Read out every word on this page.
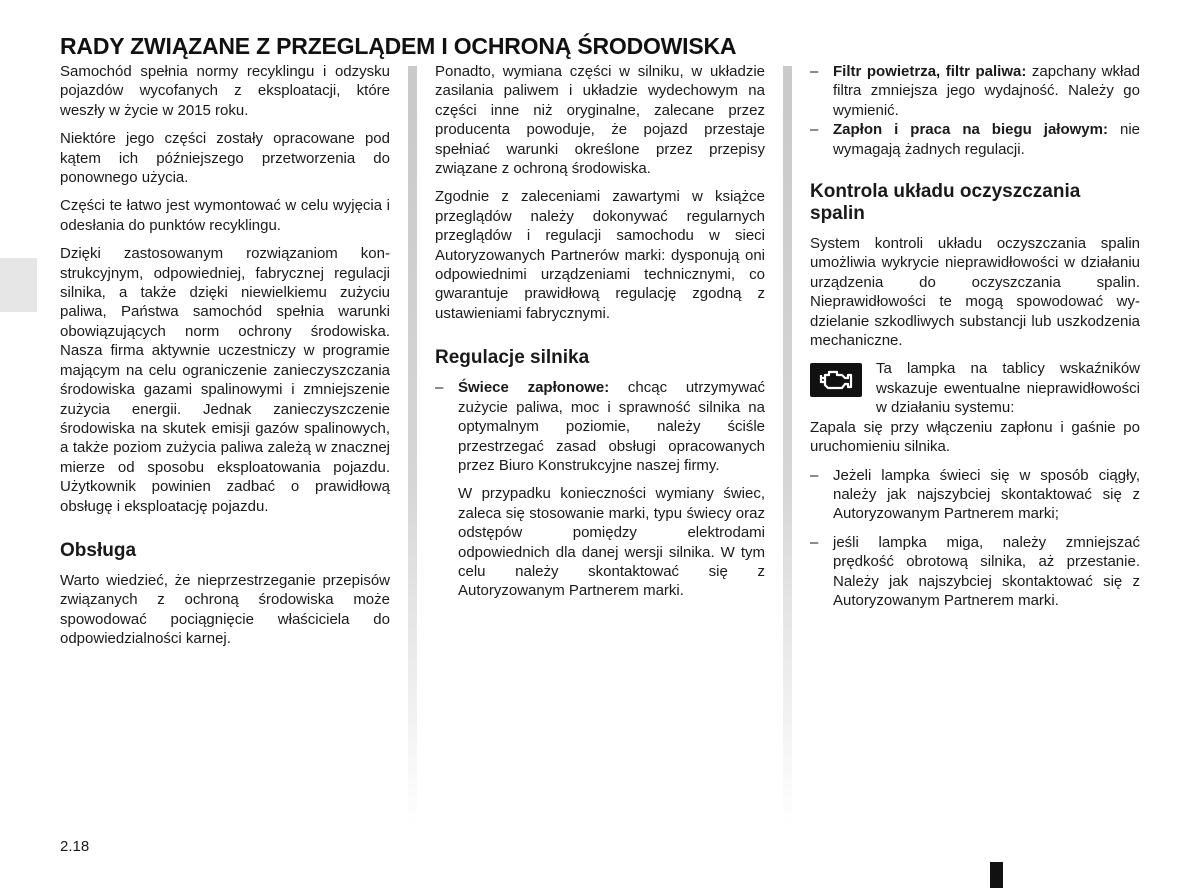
RADY ZWIĄZANE Z PRZEGLĄDEM I OCHRONĄ ŚRODOWISKA

Samochód spełnia normy recyklingu i odzysku pojazdów wycofanych z eksploatacji, które weszły w życie w 2015 roku.

Niektóre jego części zostały opracowane pod kątem ich późniejszego przetworzenia do ponownego użycia.

Części te łatwo jest wymontować w celu wyjęcia i odesłania do punktów recyklingu.

Dzięki zastosowanym rozwiązaniom konstrukcyjnym, odpowiedniej, fabrycznej regulacji silnika, a także dzięki niewielkiemu zużyciu paliwa, Państwa samochód spełnia warunki obowiązujących norm ochrony środowiska. Nasza firma aktywnie uczestniczy w programie mającym na celu ograniczenie zanieczyszczania środowiska gazami spalinowymi i zmniejszenie zużycia energii. Jednak zanieczyszczenie środowiska na skutek emisji gazów spalinowych, a także poziom zużycia paliwa zależą w znacznej mierze od sposobu eksploatowania pojazdu. Użytkownik powinien zadbać o prawidłową obsługę i eksploatację pojazdu.

Obsługa

Warto wiedzieć, że nieprzestrzeganie przepisów związanych z ochroną środowiska może spowodować pociągnięcie właściciela do odpowiedzialności karnej.

Ponadto, wymiana części w silniku, w układzie zasilania paliwem i układzie wydechowym na części inne niż oryginalne, zalecane przez producenta powoduje, że pojazd przestaje spełniać warunki określone przez przepisy związane z ochroną środowiska.

Zgodnie z zaleceniami zawartymi w książce przeglądów należy dokonywać regularnych przeglądów i regulacji samochodu w sieci Autoryzowanych Partnerów marki: dysponują oni odpowiednimi urządzeniami technicznymi, co gwarantuje prawidłową regulację zgodną z ustawieniami fabrycznymi.

Regulacje silnika
– Świece zapłonowe: chcąc utrzymywać zużycie paliwa, moc i sprawność silnika na optymalnym poziomie, należy ściśle przestrzegać zasad obsługi opracowanych przez Biuro Konstrukcyjne naszej firmy.

W przypadku konieczności wymiany świec, zaleca się stosowanie marki, typu świecy oraz odstępów pomiędzy elektrodami odpowiednich dla danej wersji silnika. W tym celu należy skontaktować się z Autoryzowanym Partnerem marki.

– Filtr powietrza, filtr paliwa: zapchany wkład filtra zmniejsza jego wydajność. Należy go wymienić.
– Zapłon i praca na biegu jałowym: nie wymagają żadnych regulacji.
Kontrola układu oczyszczania spalin

System kontroli układu oczyszczania spalin umożliwia wykrycie nieprawidłowości w działaniu urządzenia do oczyszczania spalin. Nieprawidłowości te mogą spowodować wydzielanie szkodliwych substancji lub uszkodzenia mechaniczne.

Ta lampka na tablicy wskaźników wskazuje ewentualne nieprawidłowości w działaniu systemu:

Zapala się przy włączeniu zapłonu i gaśnie po uruchomieniu silnika.

– Jeżeli lampka świeci się w sposób ciągły, należy jak najszybciej skontaktować się z Autoryzowanym Partnerem marki;
– jeśli lampka miga, należy zmniejszać prędkość obrotową silnika, aż przestanie. Należy jak najszybciej skontaktować się z Autoryzowanym Partnerem marki.
2.18
